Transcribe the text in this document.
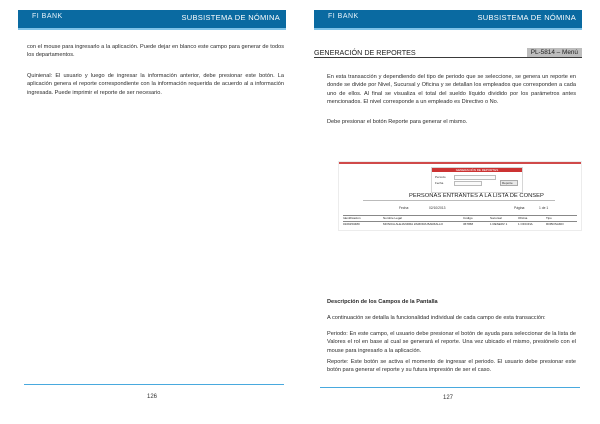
FI BANK	SUBSISTEMA DE NÓMINA
con el mouse para ingresarlo a la aplicación. Puede dejar en blanco este campo para generar de todos los departamentos.
Quinienal: El usuario y luego de ingresar la información anterior, debe presionar este botón. La aplicación genera el reporte correspondiente con la información requerida de acuerdo al a información ingresada. Puede imprimir el reporte de ser necesario.
126
FI BANK	SUBSISTEMA DE NÓMINA
GENERACIÓN DE REPORTES	PL-5814 – Menú
En esta transacción y dependiendo del tipo de periodo que se seleccione, se genera un reporte en donde se divide por Nivel, Sucursal y Oficina y se detallan los empleados que corresponden a cada uno de ellos. Al final se visualiza el total del sueldo líquido dividido por los parámetros antes mencionados. El nivel corresponde a un empleado es Directivo o No.
Debe presionar el botón Reporte para generar el mismo.
GENERACIÓN DE REPORTES
Período
Fecha	Reporte
PERSONAS ENTRANTES A LA LISTA DE CONSEP
Fecha:	02/10/2013	Página:	1 de 1
Identificación	Nombre Legal	Código	Sucursal	Oficina	Tipo
0109153480	MONICA ALEJANDRA ZAMORA BARZALLO	367958	1 RESERV 1	1 OFICINA	ROBOSAMO
Descripción de los Campos de la Pantalla
A continuación se detalla la funcionalidad individual de cada campo de esta transacción:
Periodo: En este campo, el usuario debe presionar el botón de ayuda para seleccionar de la lista de Valores el rol en base al cual se generará el reporte. Una vez ubicado el mismo, presiónelo con el mouse para ingresarlo a la aplicación.
Reporte: Este botón se activa el momento de ingresar el periodo. El usuario debe presionar este botón para generar el reporte y su futura impresión de ser el caso.
127
